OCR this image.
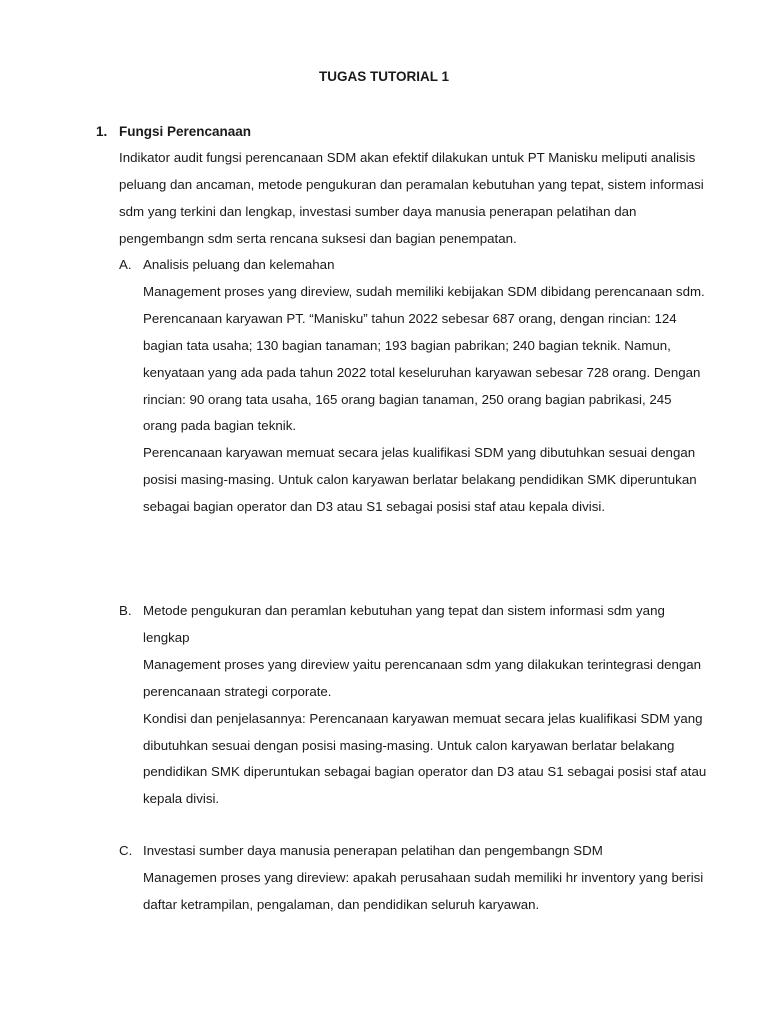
TUGAS TUTORIAL 1
1. Fungsi Perencanaan

Indikator audit fungsi perencanaan SDM akan efektif dilakukan untuk PT Manisku meliputi analisis peluang dan ancaman, metode pengukuran dan peramalan kebutuhan yang tepat, sistem informasi sdm yang terkini dan lengkap, investasi sumber daya manusia penerapan pelatihan dan pengembangn sdm serta rencana suksesi dan bagian penempatan.

A. Analisis peluang dan kelemahan

Management proses yang direview, sudah memiliki kebijakan SDM dibidang perencanaan sdm.

Perencanaan karyawan PT. “Manisku” tahun 2022 sebesar 687 orang, dengan rincian: 124 bagian tata usaha; 130 bagian tanaman; 193 bagian pabrikan; 240 bagian teknik. Namun, kenyataan yang ada pada tahun 2022 total keseluruhan karyawan sebesar 728 orang. Dengan rincian: 90 orang tata usaha, 165 orang bagian tanaman, 250 orang bagian pabrikasi, 245 orang pada bagian teknik.

Perencanaan karyawan memuat secara jelas kualifikasi SDM yang dibutuhkan sesuai dengan posisi masing-masing. Untuk calon karyawan berlatar belakang pendidikan SMK diperuntukan sebagai bagian operator dan D3 atau S1 sebagai posisi staf atau kepala divisi.

B. Metode pengukuran dan peramlan kebutuhan yang tepat dan sistem informasi sdm yang lengkap

Management proses yang direview yaitu perencanaan sdm yang dilakukan terintegrasi dengan perencanaan strategi corporate.

Kondisi dan penjelasannya: Perencanaan karyawan memuat secara jelas kualifikasi SDM yang dibutuhkan sesuai dengan posisi masing-masing. Untuk calon karyawan berlatar belakang pendidikan SMK diperuntukan sebagai bagian operator dan D3 atau S1 sebagai posisi staf atau kepala divisi.

C. Investasi sumber daya manusia penerapan pelatihan dan pengembangn SDM

Managemen proses yang direview: apakah perusahaan sudah memiliki hr inventory yang berisi daftar ketrampilan, pengalaman, dan pendidikan seluruh karyawan.
